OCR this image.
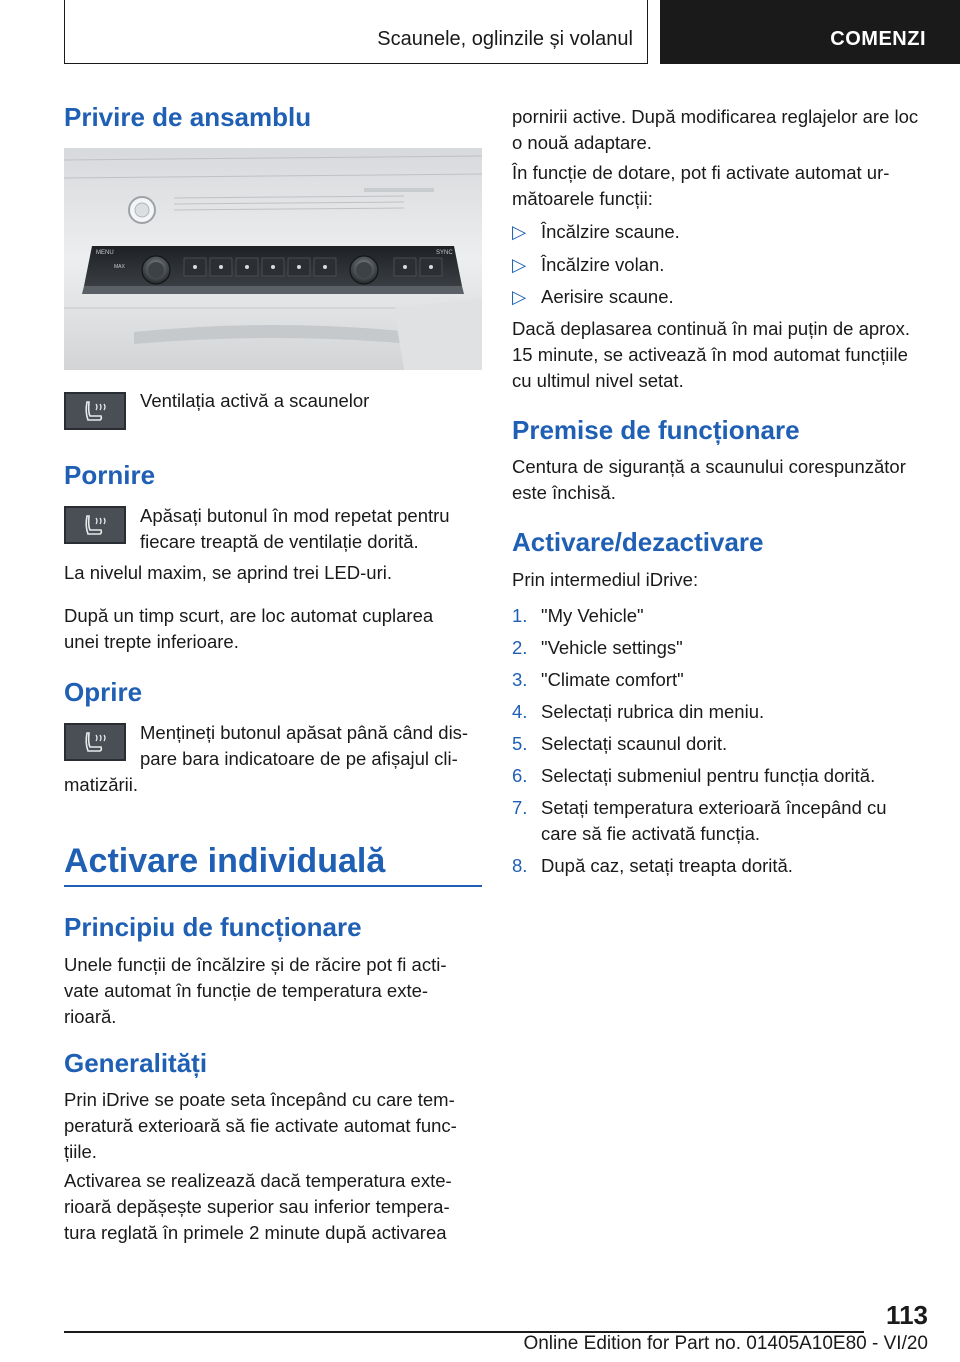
Scaunele, oglinzile și volanul	COMENZI
Privire de ansamblu
MENU
MAX
SYNC
Ventilația activă a scaunelor
Pornire
Apăsați butonul în mod repetat pentru
fiecare treaptă de ventilație dorită.
La nivelul maxim, se aprind trei LED-uri.
După un timp scurt, are loc automat cuplarea
unei trepte inferioare.
Oprire
Mențineți butonul apăsat până când dis-
pare bara indicatoare de pe afișajul cli-
matizării.
Activare individuală
Principiu de funcționare
Unele funcții de încălzire și de răcire pot fi acti-
vate automat în funcție de temperatura exte-
rioară.
Generalități
Prin iDrive se poate seta începând cu care tem-
peratură exterioară să fie activate automat func-
țiile.
Activarea se realizează dacă temperatura exte-
rioară depășește superior sau inferior tempera-
tura reglată în primele 2 minute după activarea
pornirii active. După modificarea reglajelor are loc
o nouă adaptare.
În funcție de dotare, pot fi activate automat ur-
mătoarele funcții:
▷ Încălzire scaune.
▷ Încălzire volan.
▷ Aerisire scaune.
Dacă deplasarea continuă în mai puțin de aprox.
15 minute, se activează în mod automat funcțiile
cu ultimul nivel setat.
Premise de funcționare
Centura de siguranță a scaunului corespunzător
este închisă.
Activare/dezactivare
Prin intermediul iDrive:
1. "My Vehicle"
2. "Vehicle settings"
3. "Climate comfort"
4. Selectați rubrica din meniu.
5. Selectați scaunul dorit.
6. Selectați submeniul pentru funcția dorită.
7. Setați temperatura exterioară începând cu
care să fie activată funcția.
8. După caz, setați treapta dorită.
113
Online Edition for Part no. 01405A10E80 - VI/20
